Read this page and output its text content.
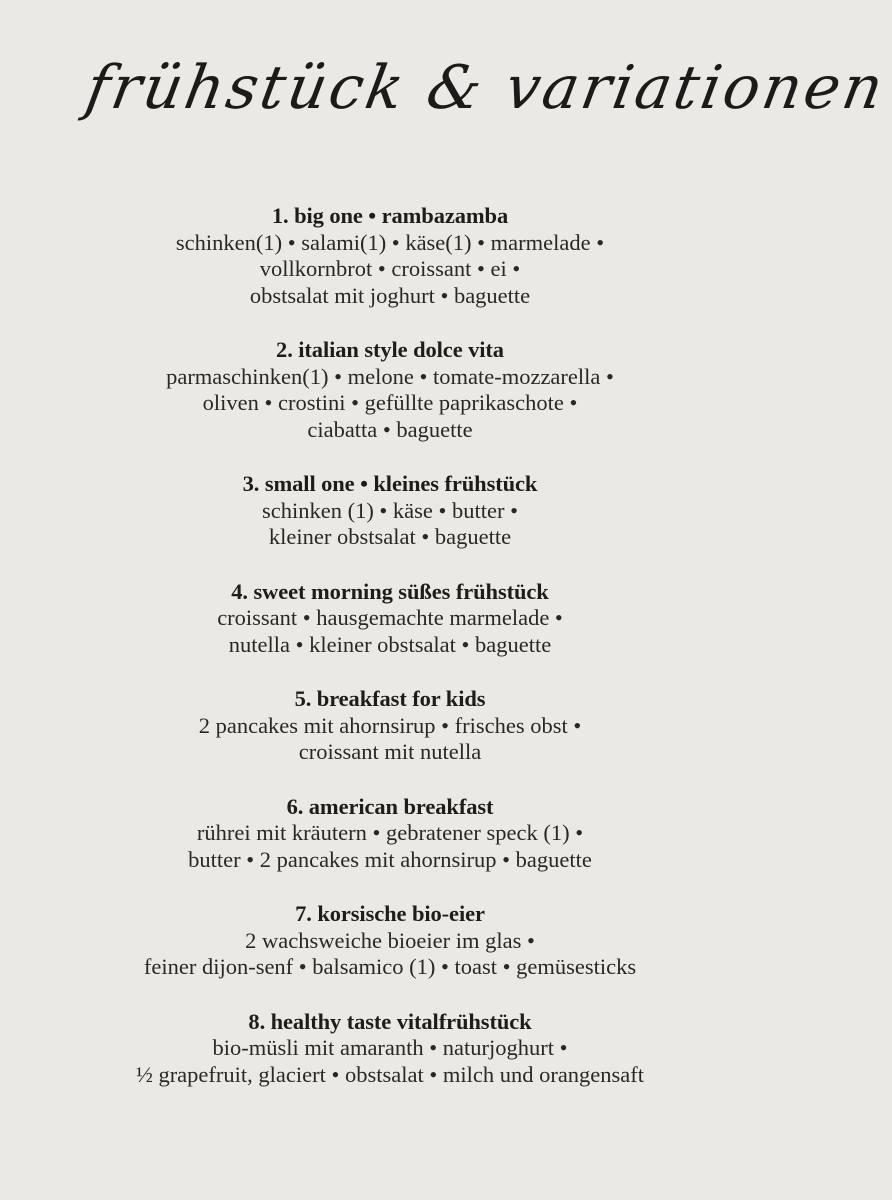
frühstück & variationen
1. big one • rambazamba
schinken(1) • salami(1) • käse(1) • marmelade •
vollkornbrot • croissant • ei •
obstsalat mit joghurt • baguette
2. italian style dolce vita
parmaschinken(1) • melone • tomate-mozzarella •
oliven • crostini • gefüllte paprikaschote •
ciabatta • baguette
3. small one • kleines frühstück
schinken (1) • käse • butter •
kleiner obstsalat • baguette
4. sweet morning süßes frühstück
croissant • hausgemachte marmelade •
nutella • kleiner obstsalat • baguette
5. breakfast for kids
2 pancakes mit ahornsirup • frisches obst •
croissant mit nutella
6. american breakfast
rührei mit kräutern • gebratener speck (1) •
butter • 2 pancakes mit ahornsirup • baguette
7. korsische bio-eier
2 wachsweiche bioeier im glas •
feiner dijon-senf • balsamico (1) • toast • gemüsesticks
8. healthy taste vitalfrühstück
bio-müsli mit amaranth • naturjoghurt •
½ grapefruit, glaciert • obstsalat • milch und orangensaft
